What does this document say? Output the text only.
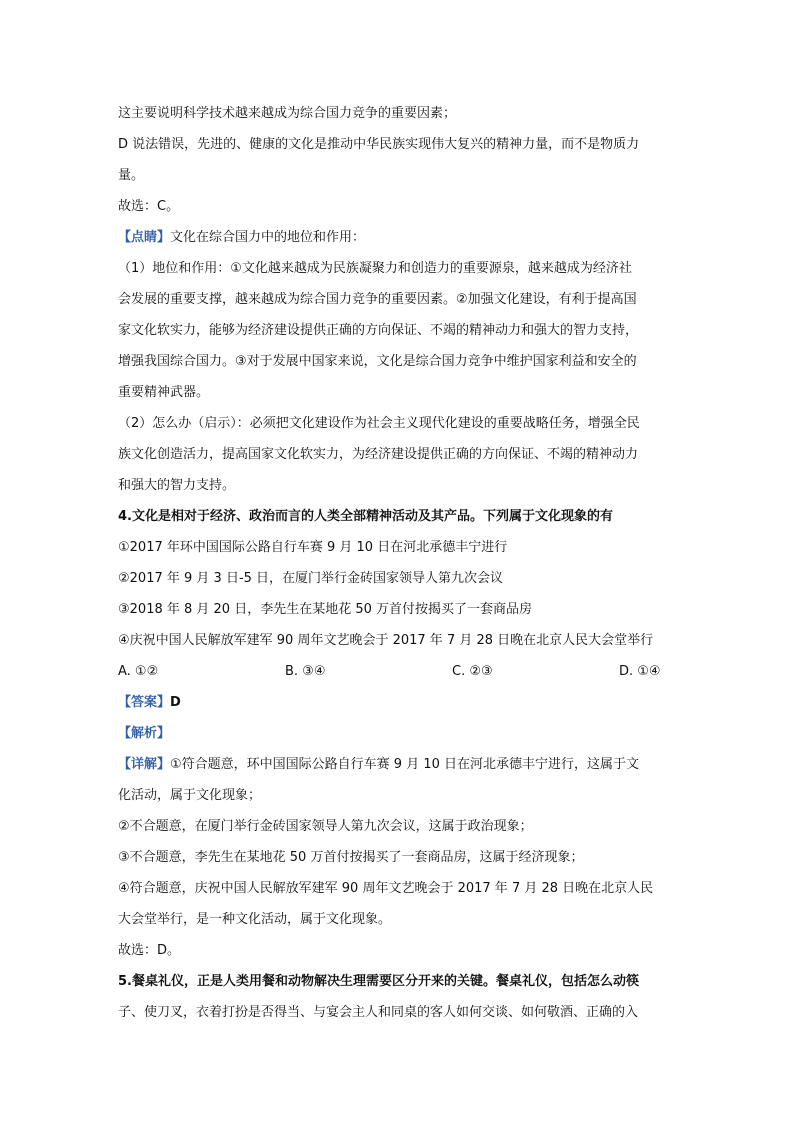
这主要说明科学技术越来越成为综合国力竞争的重要因素；

D 说法错误，先进的、健康的文化是推动中华民族实现伟大复兴的精神力量，而不是物质力

量。

故选：C。

【点睛】文化在综合国力中的地位和作用：

（1）地位和作用：①文化越来越成为民族凝聚力和创造力的重要源泉，越来越成为经济社

会发展的重要支撑，越来越成为综合国力竞争的重要因素。②加强文化建设，有利于提高国

家文化软实力，能够为经济建设提供正确的方向保证、不竭的精神动力和强大的智力支持，

增强我国综合国力。③对于发展中国家来说，文化是综合国力竞争中维护国家利益和安全的

重要精神武器。

（2）怎么办（启示）：必须把文化建设作为社会主义现代化建设的重要战略任务，增强全民

族文化创造活力，提高国家文化软实力，为经济建设提供正确的方向保证、不竭的精神动力

和强大的智力支持。

4.文化是相对于经济、政治而言的人类全部精神活动及其产品。下列属于文化现象的有

①2017 年环中国国际公路自行车赛 9 月 10 日在河北承德丰宁进行

②2017 年 9 月 3 日-5 日，在厦门举行金砖国家领导人第九次会议

③2018 年 8 月 20 日，李先生在某地花 50 万首付按揭买了一套商品房

④庆祝中国人民解放军建军 90 周年文艺晚会于 2017 年 7 月 28 日晚在北京人民大会堂举行

A. ①②	B. ③④	C. ②③	D. ①④

【答案】D

【解析】

【详解】①符合题意，环中国国际公路自行车赛 9 月 10 日在河北承德丰宁进行，这属于文

化活动，属于文化现象；

②不合题意，在厦门举行金砖国家领导人第九次会议，这属于政治现象；

③不合题意，李先生在某地花 50 万首付按揭买了一套商品房，这属于经济现象；

④符合题意，庆祝中国人民解放军建军 90 周年文艺晚会于 2017 年 7 月 28 日晚在北京人民

大会堂举行，是一种文化活动，属于文化现象。

故选：D。

5.餐桌礼仪，正是人类用餐和动物解决生理需要区分开来的关键。餐桌礼仪，包括怎么动筷

子、使刀叉，衣着打扮是否得当、与宴会主人和同桌的客人如何交谈、如何敬酒、正确的入
